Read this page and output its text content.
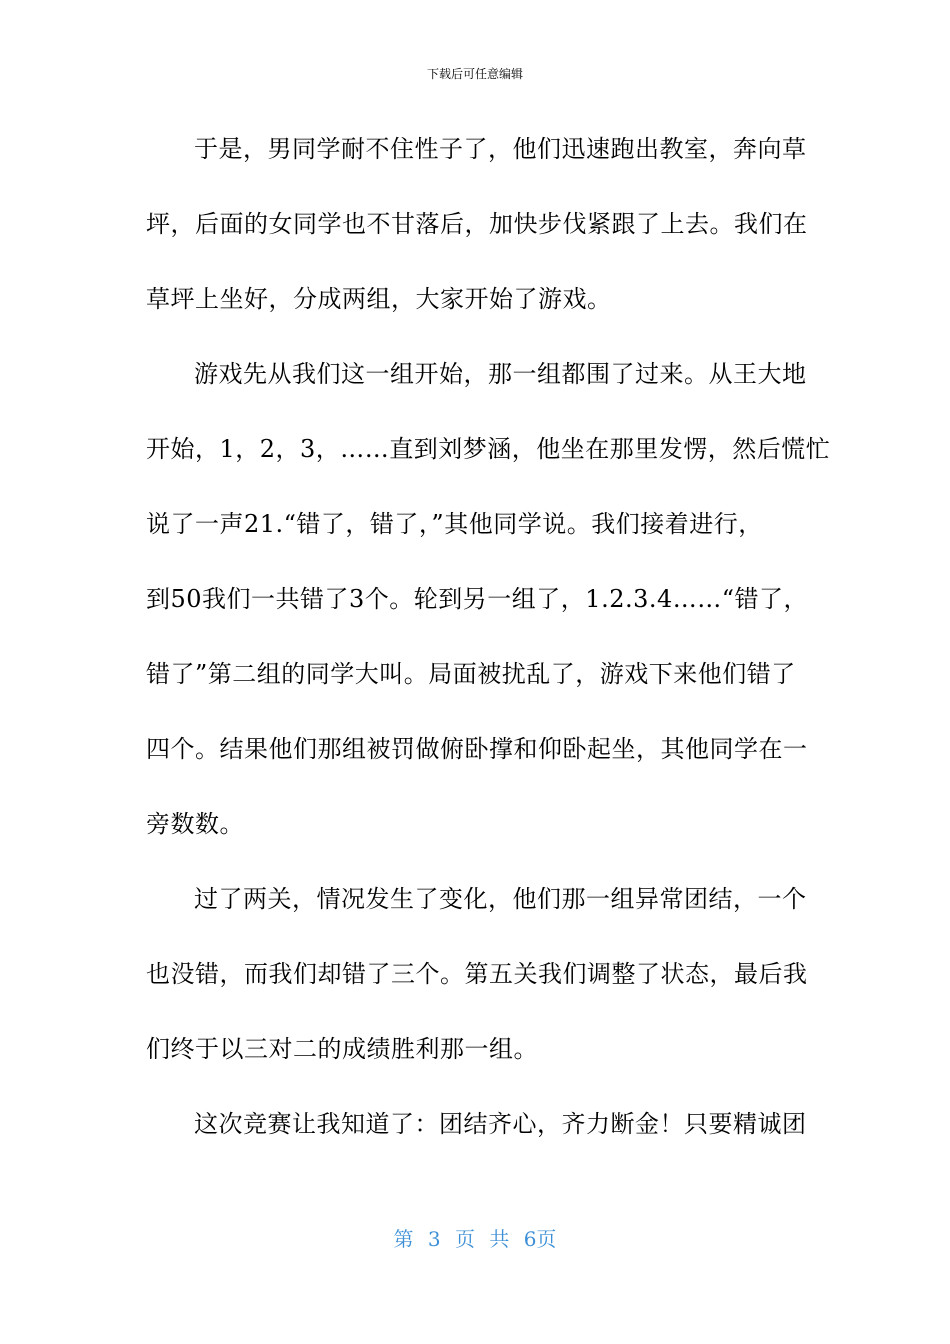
下载后可任意编辑
于是，男同学耐不住性子了，他们迅速跑出教室，奔向草
坪，后面的女同学也不甘落后，加快步伐紧跟了上去。我们在
草坪上坐好，分成两组，大家开始了游戏。
游戏先从我们这一组开始，那一组都围了过来。从王大地
开始，1，2，3，……直到刘梦涵，他坐在那里发愣，然后慌忙
说了一声21.“错了，错了，”其他同学说。我们接着进行，
到50我们一共错了3个。轮到另一组了，1.2.3.4……“错了，
错了”第二组的同学大叫。局面被扰乱了，游戏下来他们错了
四个。结果他们那组被罚做俯卧撑和仰卧起坐，其他同学在一
旁数数。
过了两关，情况发生了变化，他们那一组异常团结，一个
也没错，而我们却错了三个。第五关我们调整了状态，最后我
们终于以三对二的成绩胜利那一组。
这次竞赛让我知道了：团结齐心，齐力断金！只要精诚团
第 3 页 共 6页
